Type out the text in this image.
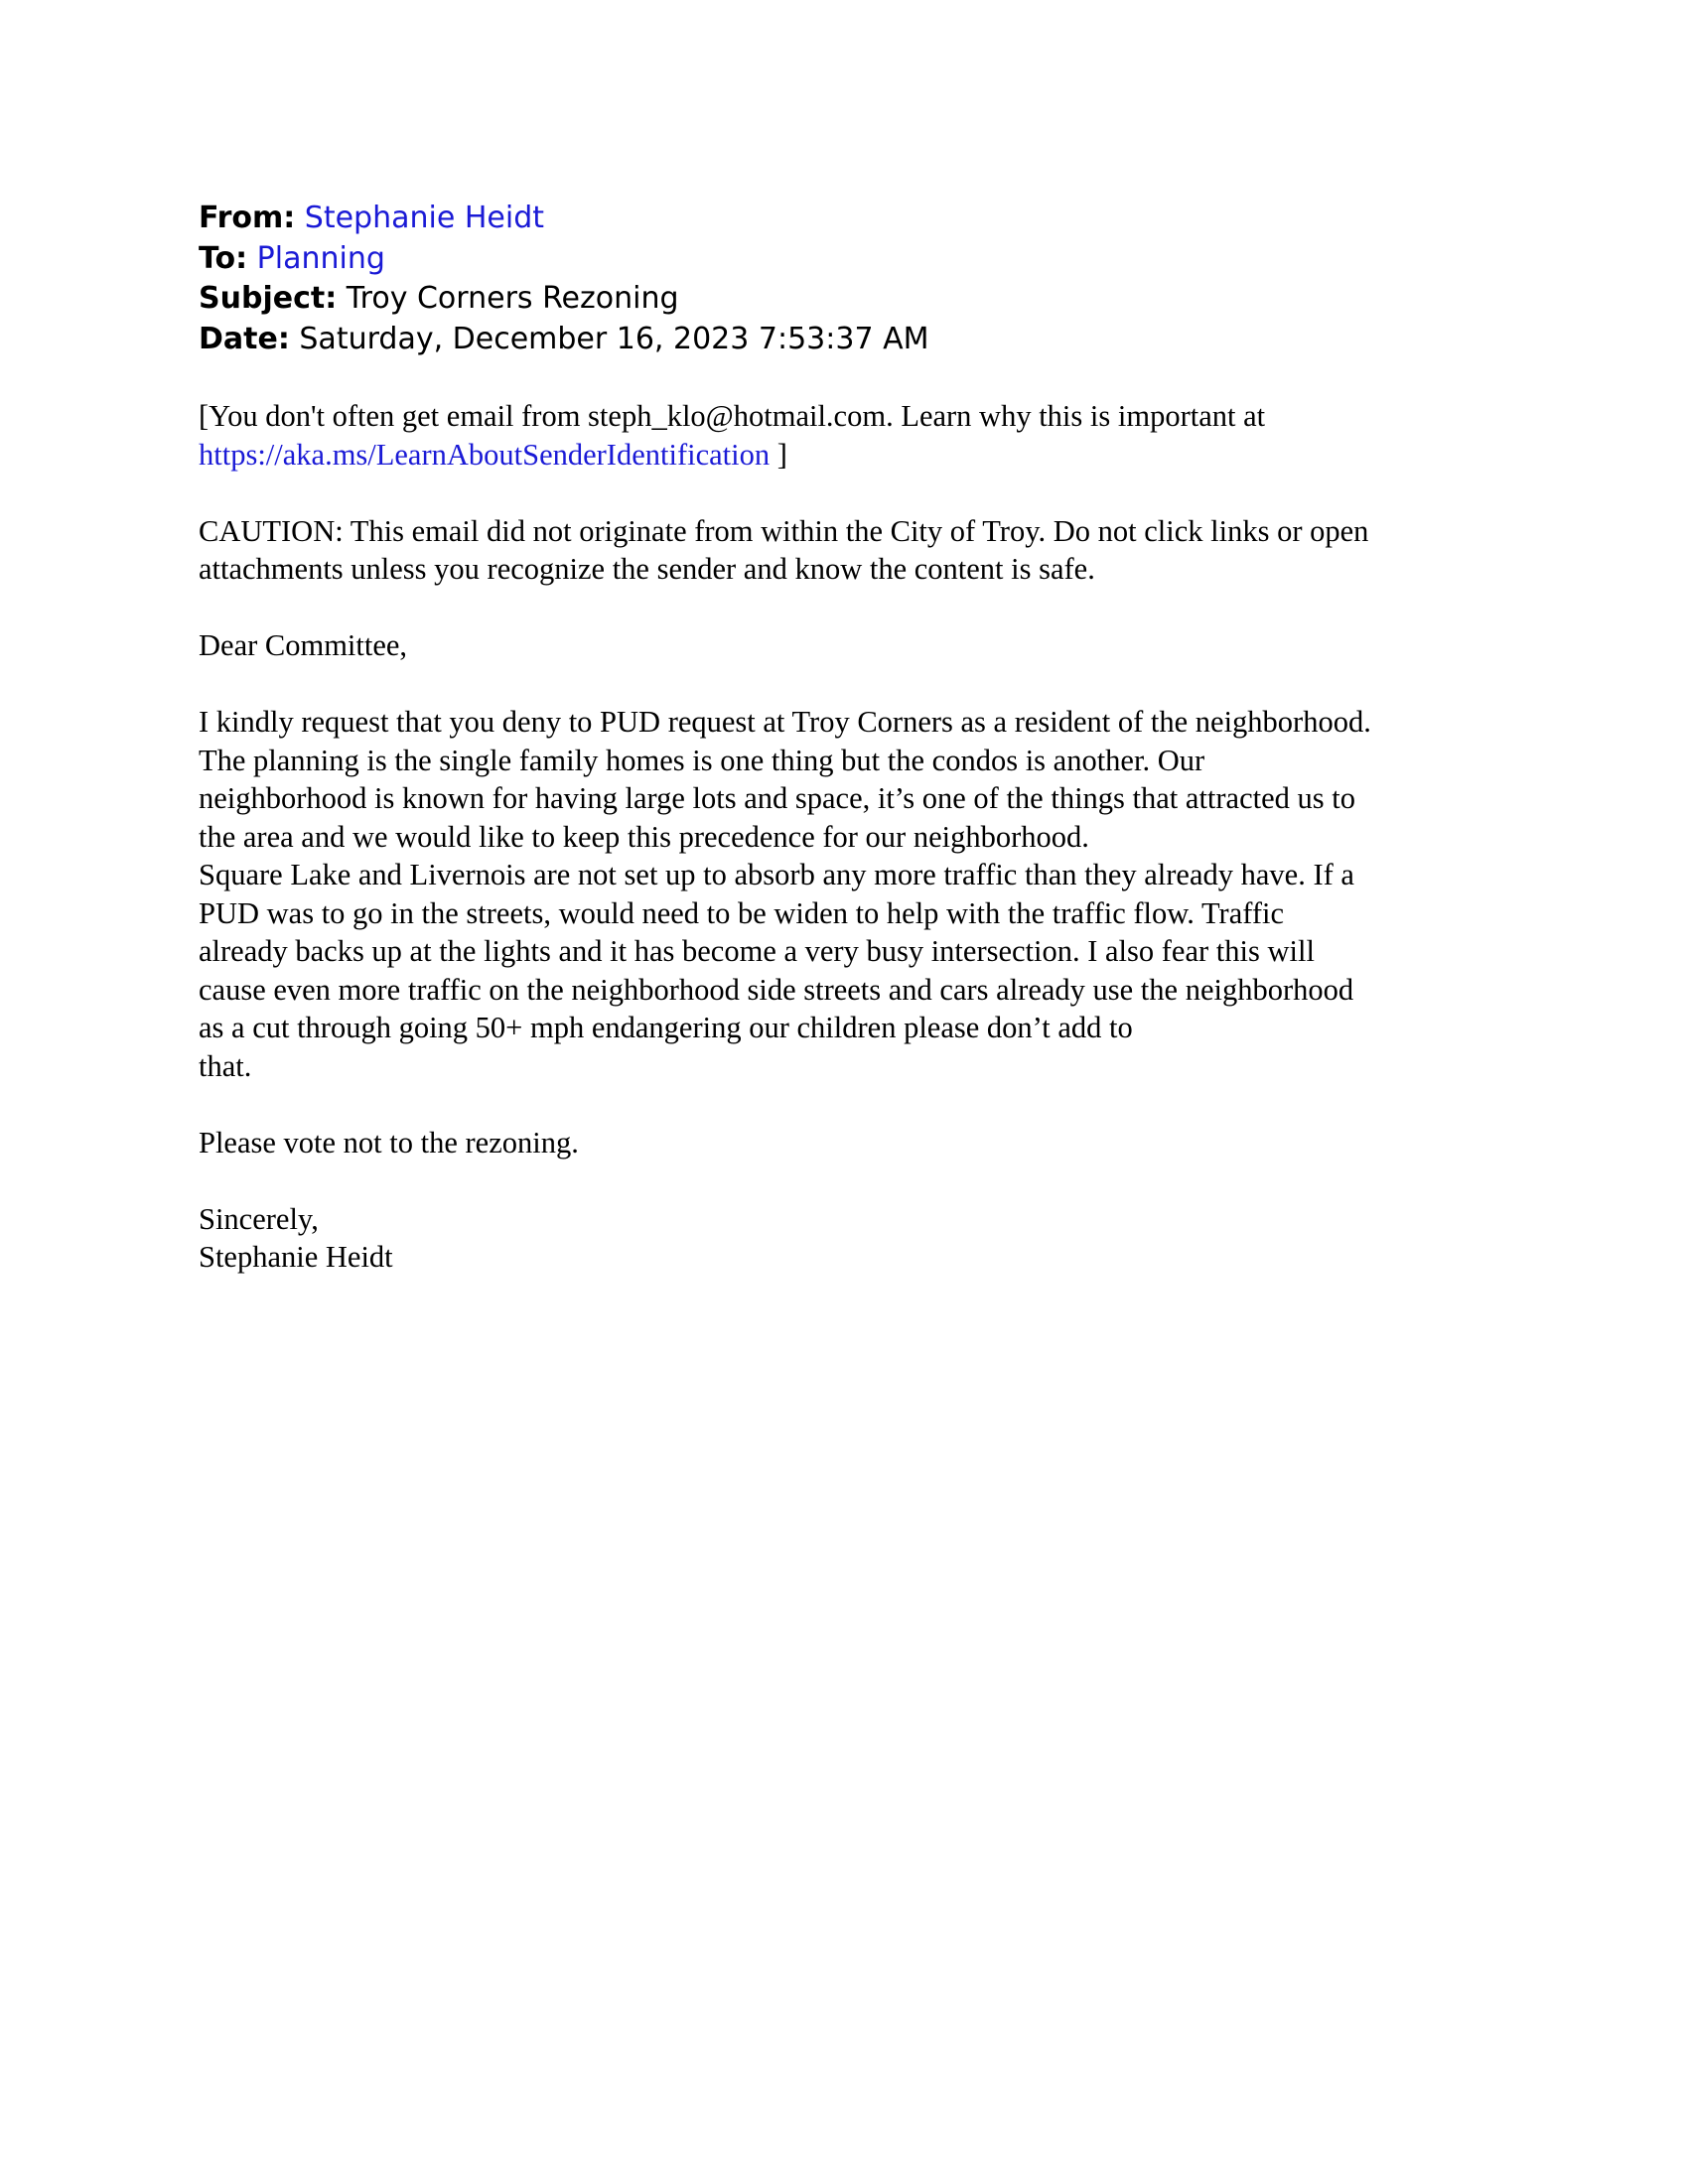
From: Stephanie Heidt
To: Planning
Subject: Troy Corners Rezoning
Date: Saturday, December 16, 2023 7:53:37 AM

[You don't often get email from steph_klo@hotmail.com. Learn why this is important at
https://aka.ms/LearnAboutSenderIdentification ]

CAUTION: This email did not originate from within the City of Troy. Do not click links or open
attachments unless you recognize the sender and know the content is safe.

Dear Committee,

I kindly request that you deny to PUD request at Troy Corners as a resident of the neighborhood.
The planning is the single family homes is one thing but the condos is another. Our
neighborhood is known for having large lots and space, it’s one of the things that attracted us to
the area and we would like to keep this precedence for our neighborhood.
Square Lake and Livernois are not set up to absorb any more traffic than they already have. If a
PUD was to go in the streets, would need to be widen to help with the traffic flow. Traffic
already backs up at the lights and it has become a very busy intersection. I also fear this will
cause even more traffic on the neighborhood side streets and cars already use the neighborhood
as a cut through going 50+ mph endangering our children please don’t add to
that.

Please vote not to the rezoning.

Sincerely,
Stephanie Heidt
